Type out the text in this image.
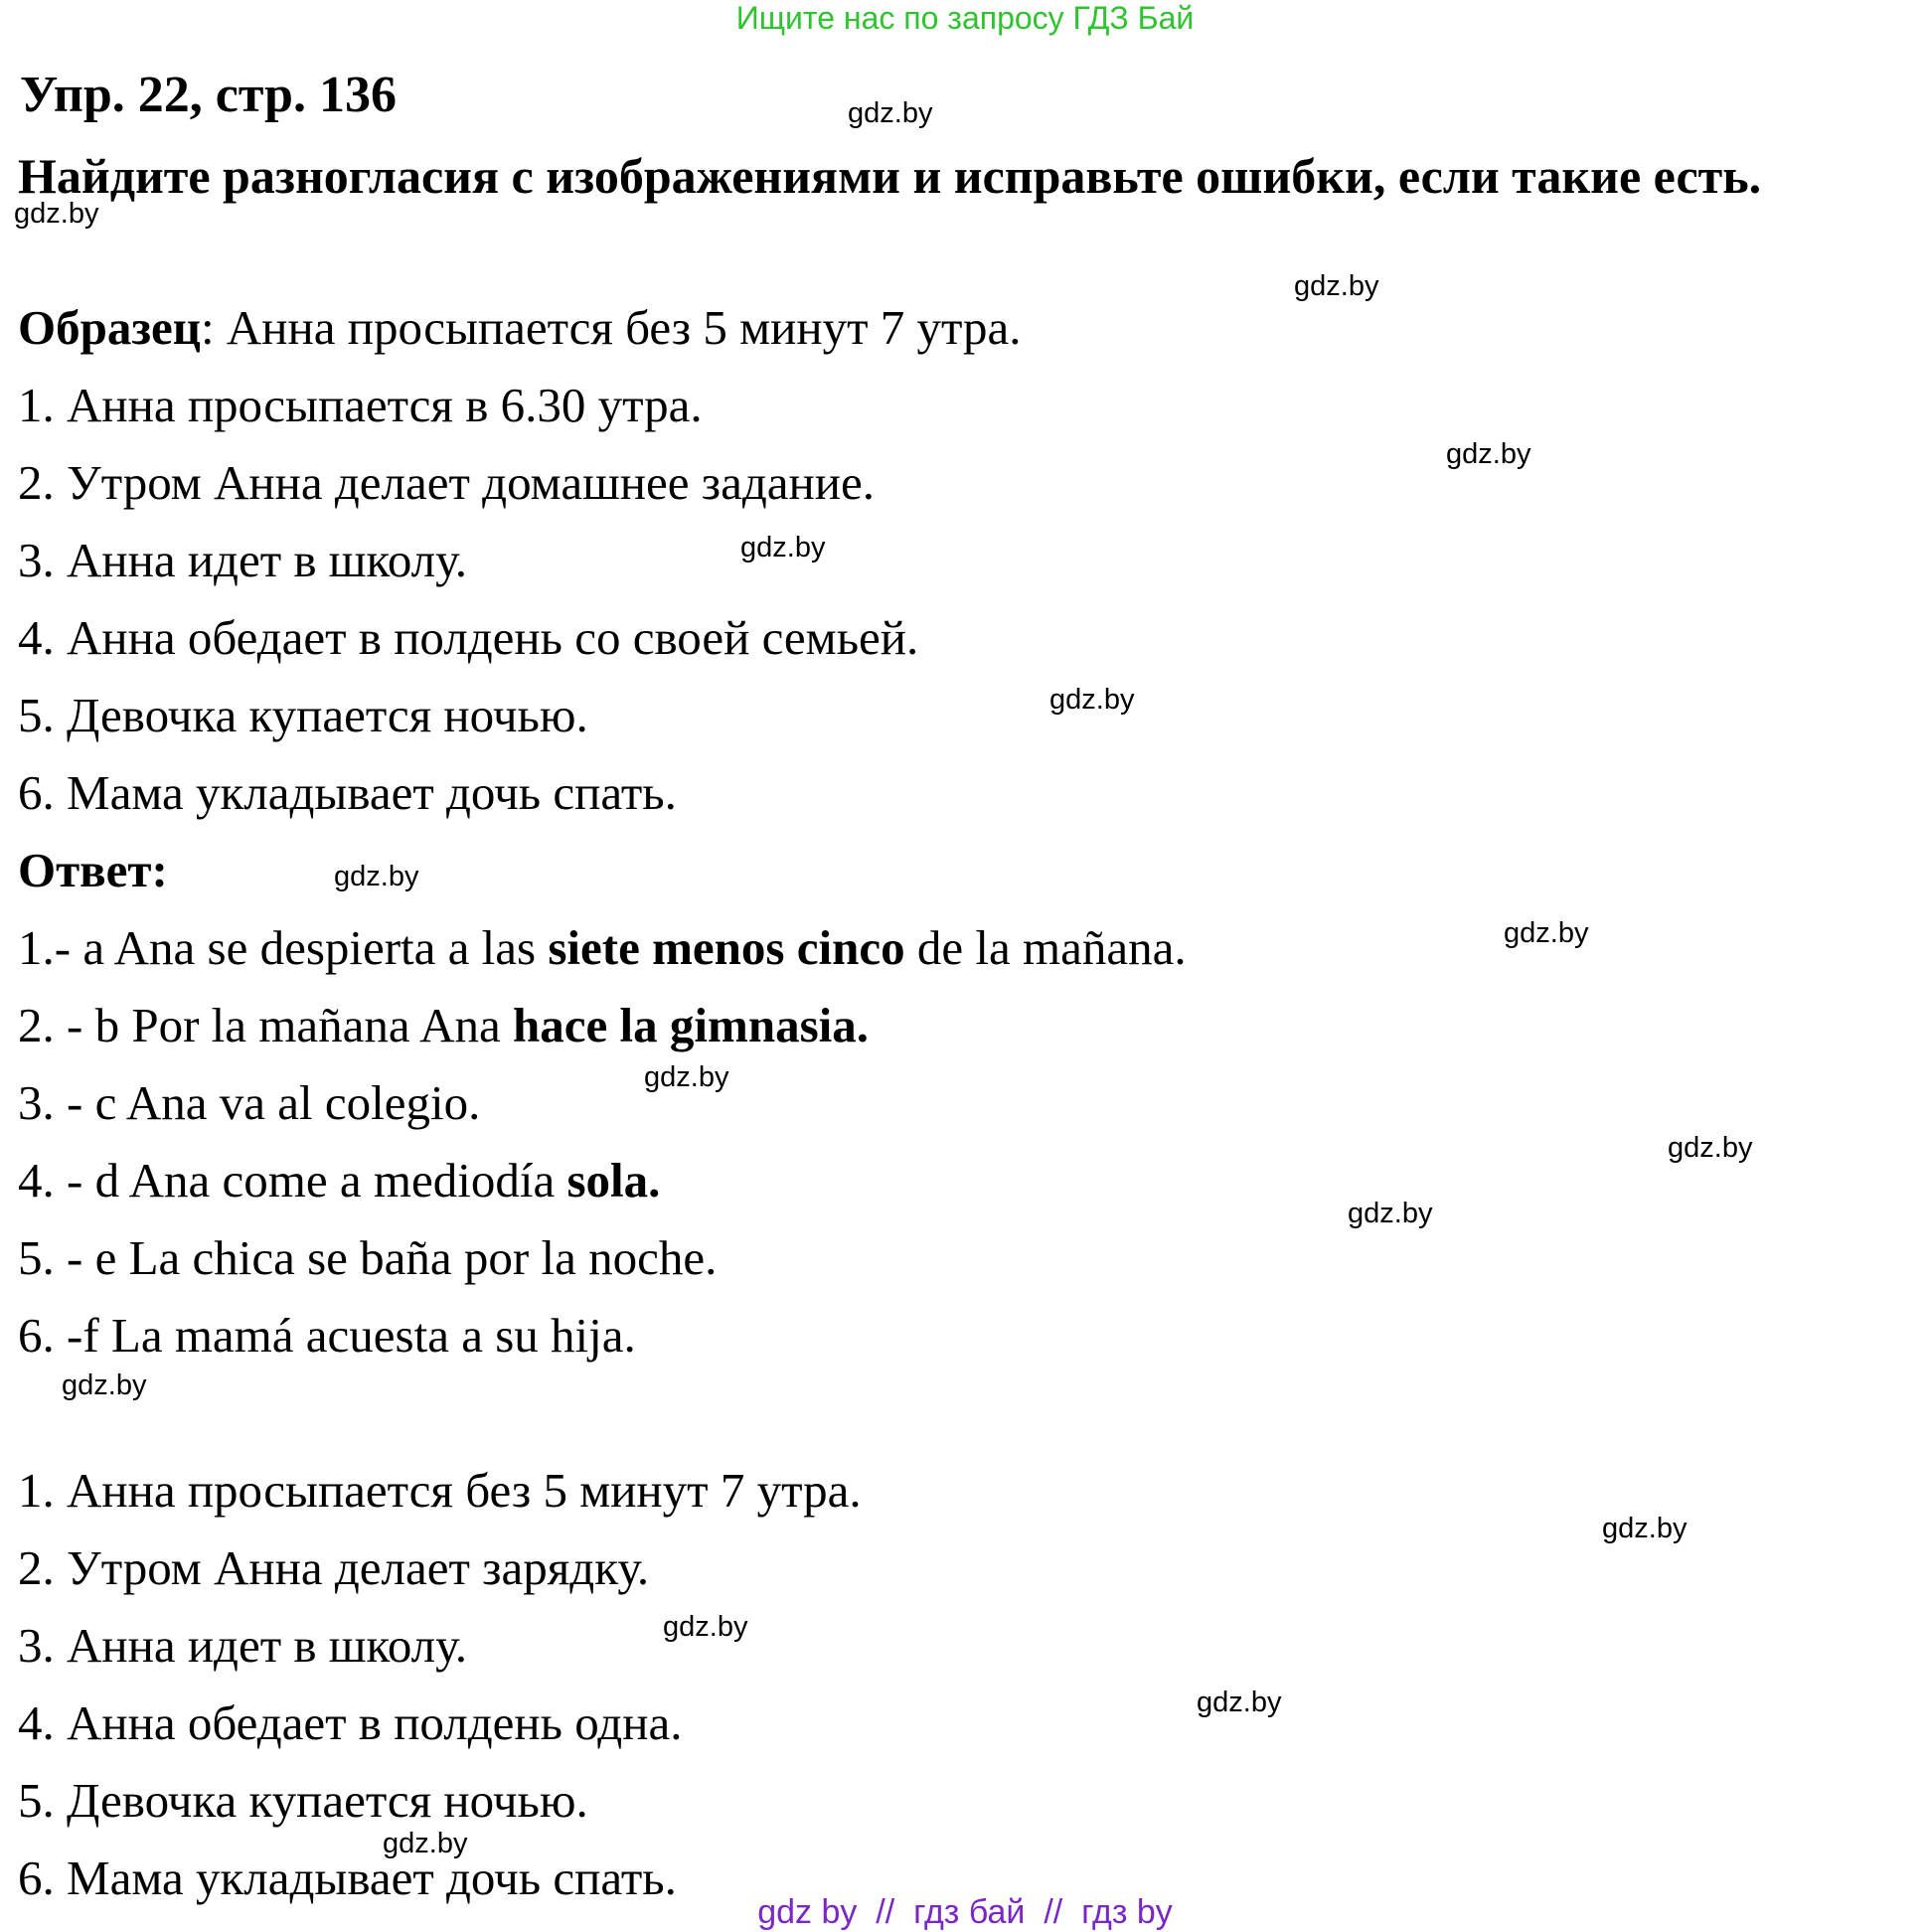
Ищите нас по запросу ГДЗ Бай
Упр. 22, стр. 136
Найдите разногласия с изображениями и исправьте ошибки, если такие есть.
Образец: Анна просыпается без 5 минут 7 утра.
1. Анна просыпается в 6.30 утра.
2. Утром Анна делает домашнее задание.
3. Анна идет в школу.
4. Анна обедает в полдень со своей семьей.
5. Девочка купается ночью.
6. Мама укладывает дочь спать.
Ответ:
1.- a Ana se despierta a las siete menos cinco de la mañana.
2. - b Por la mañana Ana hace la gimnasia.
3. - c Ana va al colegio.
4. - d Ana come a mediodía sola.
5. - e La chica se baña por la noche.
6. -f La mamá acuesta a su hija.
1. Анна просыпается без 5 минут 7 утра.
2. Утром Анна делает зарядку.
3. Анна идет в школу.
4. Анна обедает в полдень одна.
5. Девочка купается ночью.
6. Мама укладывает дочь спать.
gdz.by
gdz.by
gdz.by
gdz.by
gdz.by
gdz.by
gdz.by
gdz.by
gdz.by
gdz.by
gdz.by
gdz.by
gdz.by
gdz.by
gdz.by
gdz.by
gdz by  //  гдз бай  //  гдз by
